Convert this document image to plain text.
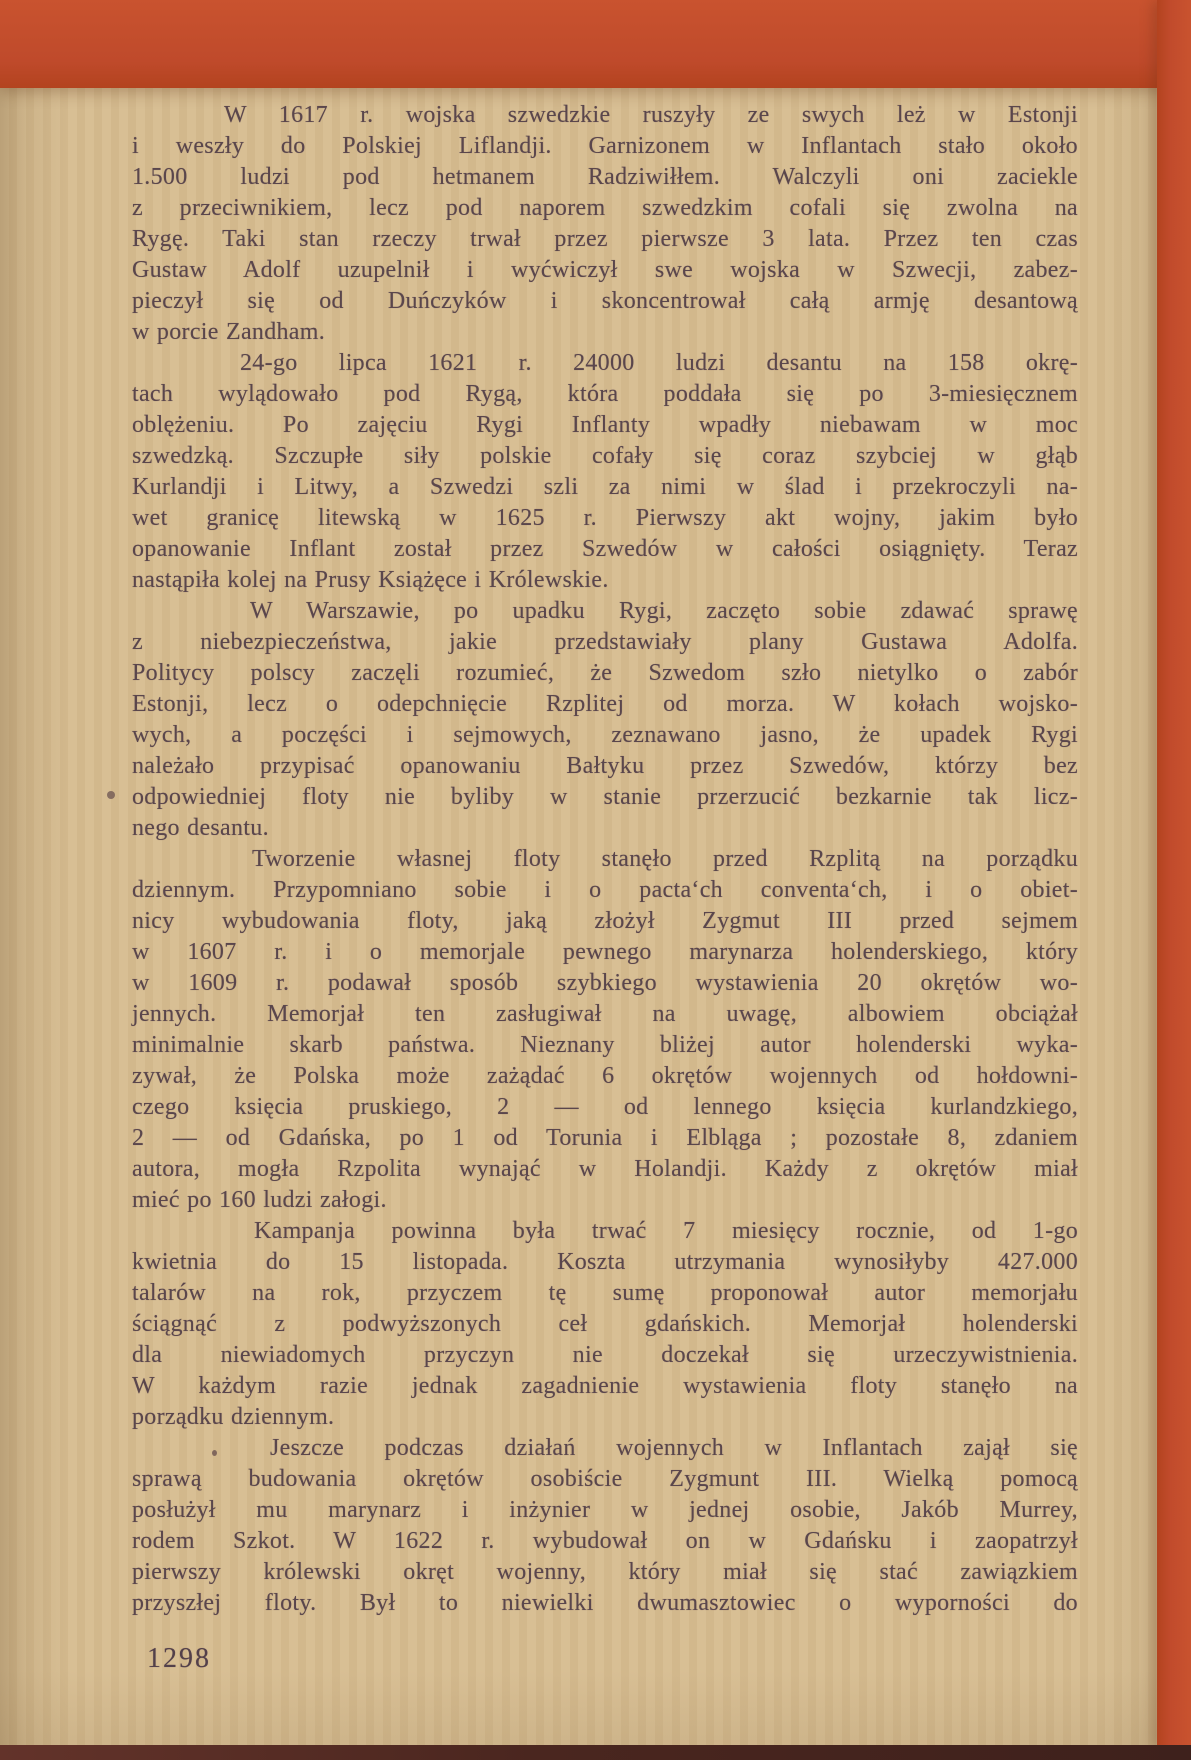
W 1617 r. wojska szwedzkie ruszyły ze swych leż w Estonji
i weszły do Polskiej Liflandji. Garnizonem w Inflantach stało około
1.500 ludzi pod hetmanem Radziwiłłem. Walczyli oni zaciekle
z przeciwnikiem, lecz pod naporem szwedzkim cofali się zwolna na
Rygę. Taki stan rzeczy trwał przez pierwsze 3 lata. Przez ten czas
Gustaw Adolf uzupelnił i wyćwiczył swe wojska w Szwecji, zabez-
pieczył się od Duńczyków i skoncentrował całą armję desantową
w porcie Zandham.
24-go lipca 1621 r. 24000 ludzi desantu na 158 okrę-
tach wylądowało pod Rygą, która poddała się po 3-miesięcznem
oblężeniu. Po zajęciu Rygi Inflanty wpadły niebawam w moc
szwedzką. Szczupłe siły polskie cofały się coraz szybciej w głąb
Kurlandji i Litwy, a Szwedzi szli za nimi w ślad i przekroczyli na-
wet granicę litewską w 1625 r. Pierwszy akt wojny, jakim było
opanowanie Inflant został przez Szwedów w całości osiągnięty. Teraz
nastąpiła kolej na Prusy Książęce i Królewskie.
W Warszawie, po upadku Rygi, zaczęto sobie zdawać sprawę
z niebezpieczeństwa, jakie przedstawiały plany Gustawa Adolfa.
Politycy polscy zaczęli rozumieć, że Szwedom szło nietylko o zabór
Estonji, lecz o odepchnięcie Rzplitej od morza. W kołach wojsko-
wych, a poczęści i sejmowych, zeznawano jasno, że upadek Rygi
należało przypisać opanowaniu Bałtyku przez Szwedów, którzy bez
odpowiedniej floty nie byliby w stanie przerzucić bezkarnie tak licz-
nego desantu.
Tworzenie własnej floty stanęło przed Rzplitą na porządku
dziennym. Przypomniano sobie i o pacta‘ch conventa‘ch, i o obiet-
nicy wybudowania floty, jaką złożył Zygmut III przed sejmem
w 1607 r. i o memorjale pewnego marynarza holenderskiego, który
w 1609 r. podawał sposób szybkiego wystawienia 20 okrętów wo-
jennych. Memorjał ten zasługiwał na uwagę, albowiem obciążał
minimalnie skarb państwa. Nieznany bliżej autor holenderski wyka-
zywał, że Polska może zażądać 6 okrętów wojennych od hołdowni-
czego księcia pruskiego, 2 — od lennego księcia kurlandzkiego,
2 — od Gdańska, po 1 od Torunia i Elbląga ; pozostałe 8, zdaniem
autora, mogła Rzpolita wynająć w Holandji. Każdy z okrętów miał
mieć po 160 ludzi załogi.
Kampanja powinna była trwać 7 miesięcy rocznie, od 1-go
kwietnia do 15 listopada. Koszta utrzymania wynosiłyby 427.000
talarów na rok, przyczem tę sumę proponował autor memorjału
ściągnąć z podwyższonych ceł gdańskich. Memorjał holenderski
dla niewiadomych przyczyn nie doczekał się urzeczywistnienia.
W każdym razie jednak zagadnienie wystawienia floty stanęło na
porządku dziennym.
Jeszcze podczas działań wojennych w Inflantach zajął się
sprawą budowania okrętów osobiście Zygmunt III. Wielką pomocą
posłużył mu marynarz i inżynier w jednej osobie, Jakób Murrey,
rodem Szkot. W 1622 r. wybudował on w Gdańsku i zaopatrzył
pierwszy królewski okręt wojenny, który miał się stać zawiązkiem
przyszłej floty. Był to niewielki dwumasztowiec o wyporności do
1298
